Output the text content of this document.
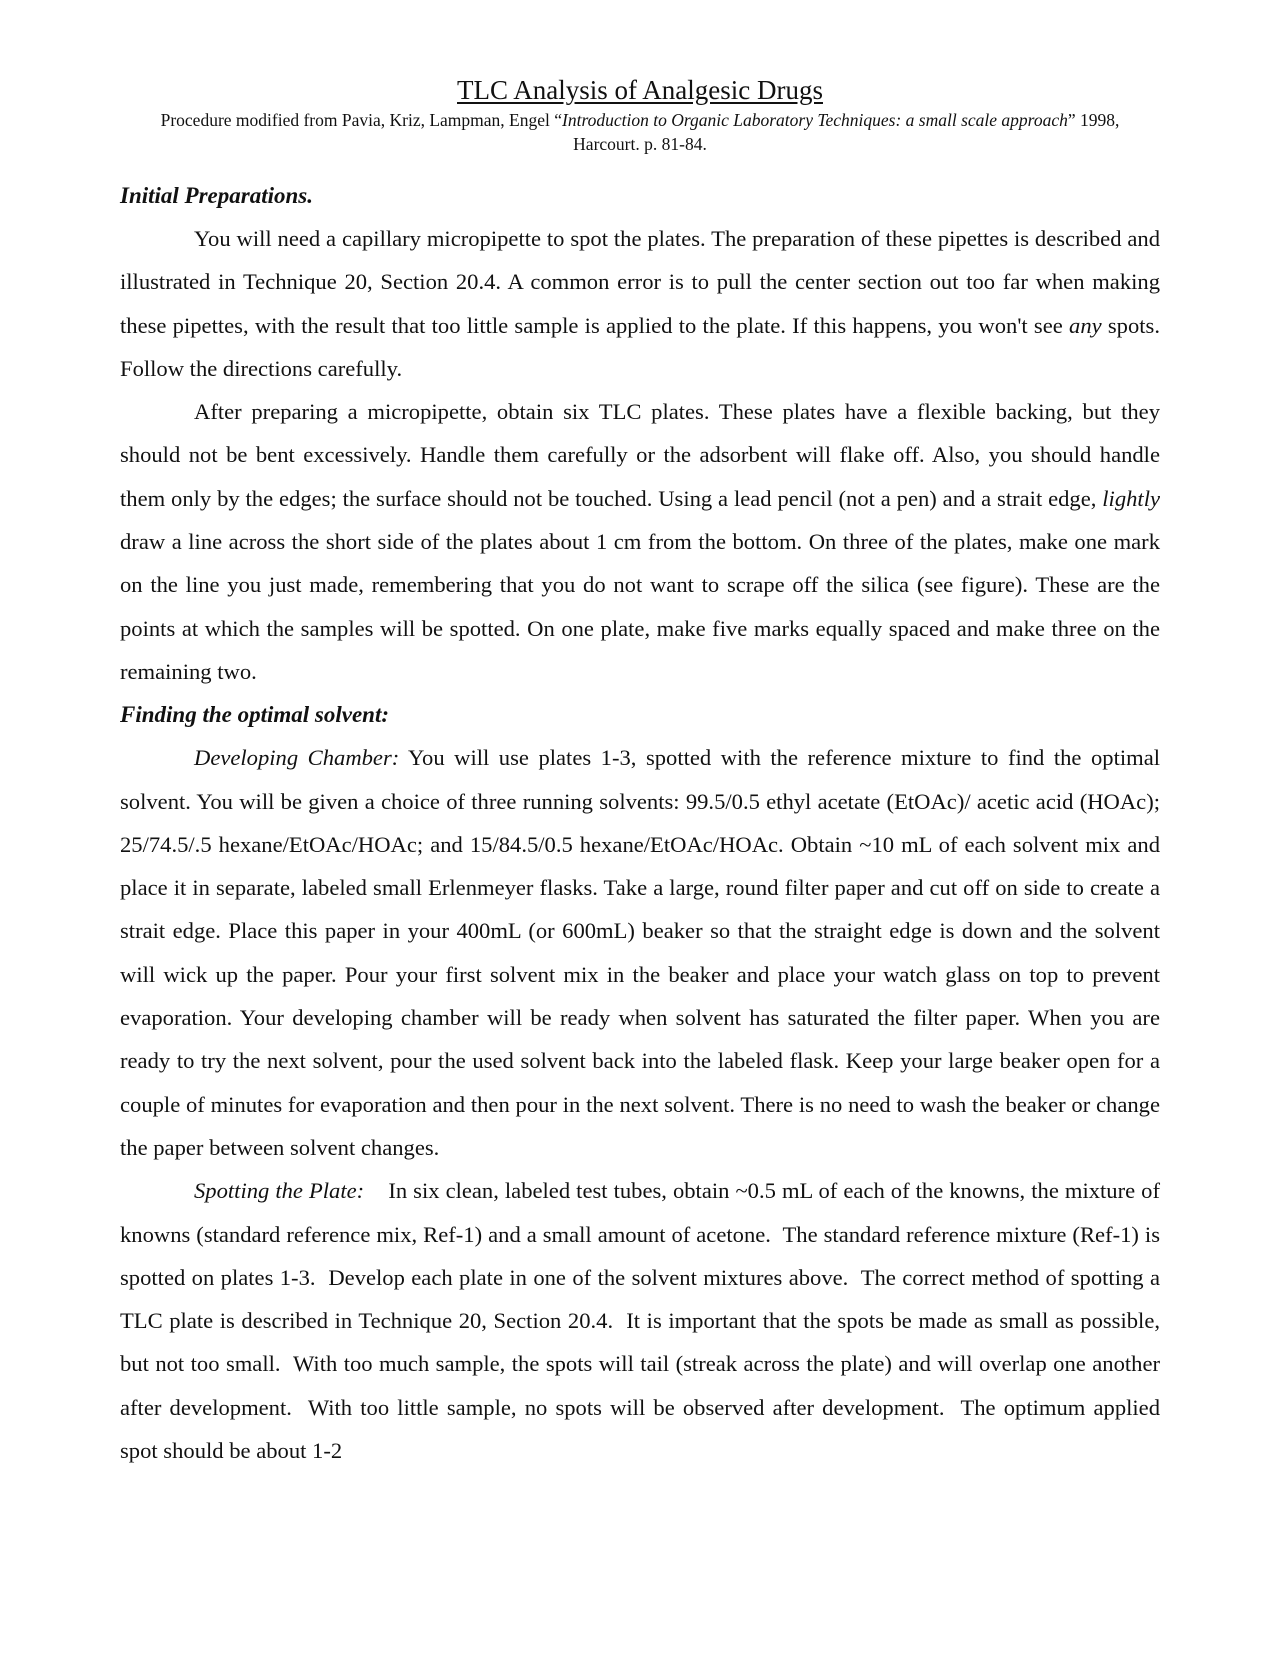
TLC Analysis of Analgesic Drugs
Procedure modified from Pavia, Kriz, Lampman, Engel “Introduction to Organic Laboratory Techniques: a small scale approach” 1998, Harcourt. p. 81-84.
Initial Preparations.

You will need a capillary micropipette to spot the plates. The preparation of these pipettes is described and illustrated in Technique 20, Section 20.4. A common error is to pull the center section out too far when making these pipettes, with the result that too little sample is applied to the plate. If this happens, you won't see any spots. Follow the directions carefully.

After preparing a micropipette, obtain six TLC plates. These plates have a flexible backing, but they should not be bent excessively. Handle them carefully or the adsorbent will flake off. Also, you should handle them only by the edges; the surface should not be touched. Using a lead pencil (not a pen) and a strait edge, lightly draw a line across the short side of the plates about 1 cm from the bottom. On three of the plates, make one mark on the line you just made, remembering that you do not want to scrape off the silica (see figure). These are the points at which the samples will be spotted. On one plate, make five marks equally spaced and make three on the remaining two.

Finding the optimal solvent:

Developing Chamber: You will use plates 1-3, spotted with the reference mixture to find the optimal solvent. You will be given a choice of three running solvents: 99.5/0.5 ethyl acetate (EtOAc)/ acetic acid (HOAc); 25/74.5/.5 hexane/EtOAc/HOAc; and 15/84.5/0.5 hexane/EtOAc/HOAc. Obtain ~10 mL of each solvent mix and place it in separate, labeled small Erlenmeyer flasks. Take a large, round filter paper and cut off on side to create a strait edge. Place this paper in your 400mL (or 600mL) beaker so that the straight edge is down and the solvent will wick up the paper. Pour your first solvent mix in the beaker and place your watch glass on top to prevent evaporation. Your developing chamber will be ready when solvent has saturated the filter paper. When you are ready to try the next solvent, pour the used solvent back into the labeled flask. Keep your large beaker open for a couple of minutes for evaporation and then pour in the next solvent. There is no need to wash the beaker or change the paper between solvent changes.

Spotting the Plate:    In six clean, labeled test tubes, obtain ~0.5 mL of each of the knowns, the mixture of knowns (standard reference mix, Ref-1) and a small amount of acetone.  The standard reference mixture (Ref-1) is spotted on plates 1-3.  Develop each plate in one of the solvent mixtures above.  The correct method of spotting a TLC plate is described in Technique 20, Section 20.4.  It is important that the spots be made as small as possible, but not too small.  With too much sample, the spots will tail (streak across the plate) and will overlap one another after development.  With too little sample, no spots will be observed after development.  The optimum applied spot should be about 1-2
